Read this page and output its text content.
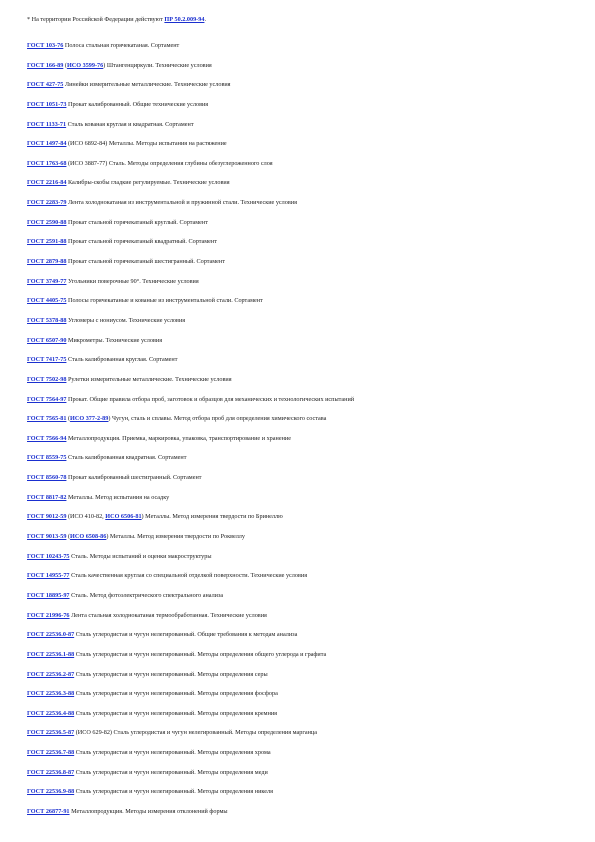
* На территории Российской Федерации действуют ПР 50.2.009-94.
ГОСТ 103-76 Полоса стальная горячекатаная. Сортамент
ГОСТ 166-89 (ИСО 3599-76) Штангенциркули. Технические условия
ГОСТ 427-75 Линейки измерительные металлические. Технические условия
ГОСТ 1051-73 Прокат калиброванный. Общие технические условия
ГОСТ 1133-71 Сталь кованая круглая и квадратная. Сортамент
ГОСТ 1497-84 (ИСО 6892-84) Металлы. Методы испытания на растяжение
ГОСТ 1763-68 (ИСО 3887-77) Сталь. Методы определения глубины обезуглероженного слоя
ГОСТ 2216-84 Калибры-скобы гладкие регулируемые. Технические условия
ГОСТ 2283-79 Лента холоднокатаная из инструментальной и пружинной стали. Технические условия
ГОСТ 2590-88 Прокат стальной горячекатаный круглый. Сортамент
ГОСТ 2591-88 Прокат стальной горячекатаный квадратный. Сортамент
ГОСТ 2879-88 Прокат стальной горячекатаный шестигранный. Сортамент
ГОСТ 3749-77 Угольники поверочные 90°. Технические условия
ГОСТ 4405-75 Полосы горячекатаные и кованые из инструментальной стали. Сортамент
ГОСТ 5378-88 Угломеры с нониусом. Технические условия
ГОСТ 6507-90 Микрометры. Технические условия
ГОСТ 7417-75 Сталь калиброванная круглая. Сортамент
ГОСТ 7502-98 Рулетки измерительные металлические. Технические условия
ГОСТ 7564-97 Прокат. Общие правила отбора проб, заготовок и образцов для механических и технологических испытаний
ГОСТ 7565-81 (ИСО 377-2-89) Чугун, сталь и сплавы. Метод отбора проб для определения химического состава
ГОСТ 7566-94 Металлопродукция. Приемка, маркировка, упаковка, транспортирование и хранение
ГОСТ 8559-75 Сталь калиброванная квадратная. Сортамент
ГОСТ 8560-78 Прокат калиброванный шестигранный. Сортамент
ГОСТ 8817-82 Металлы. Метод испытания на осадку
ГОСТ 9012-59 (ИСО 410-82, ИСО 6506-81) Металлы. Метод измерения твердости по Бринеллю
ГОСТ 9013-59 (ИСО 6508-86) Металлы. Метод измерения твердости по Роквеллу
ГОСТ 10243-75 Сталь. Методы испытаний и оценки макроструктуры
ГОСТ 14955-77 Сталь качественная круглая со специальной отделкой поверхности. Технические условия
ГОСТ 18895-97 Сталь. Метод фотоэлектрического спектрального анализа
ГОСТ 21996-76 Лента стальная холоднокатаная термообработанная. Технические условия
ГОСТ 22536.0-87 Сталь углеродистая и чугун нелегированный. Общие требования к методам анализа
ГОСТ 22536.1-88 Сталь углеродистая и чугун нелегированный. Методы определения общего углерода и графита
ГОСТ 22536.2-87 Сталь углеродистая и чугун нелегированный. Методы определения серы
ГОСТ 22536.3-88 Сталь углеродистая и чугун нелегированный. Методы определения фосфора
ГОСТ 22536.4-88 Сталь углеродистая и чугун нелегированный. Методы определения кремния
ГОСТ 22536.5-87 (ИСО 629-82) Сталь углеродистая и чугун нелегированный. Методы определения марганца
ГОСТ 22536.7-88 Сталь углеродистая и чугун нелегированный. Методы определения хрома
ГОСТ 22536.8-87 Сталь углеродистая и чугун нелегированный. Методы определения меди
ГОСТ 22536.9-88 Сталь углеродистая и чугун нелегированный. Методы определения никеля
ГОСТ 26877-91 Металлопродукция. Методы измерения отклонений формы
